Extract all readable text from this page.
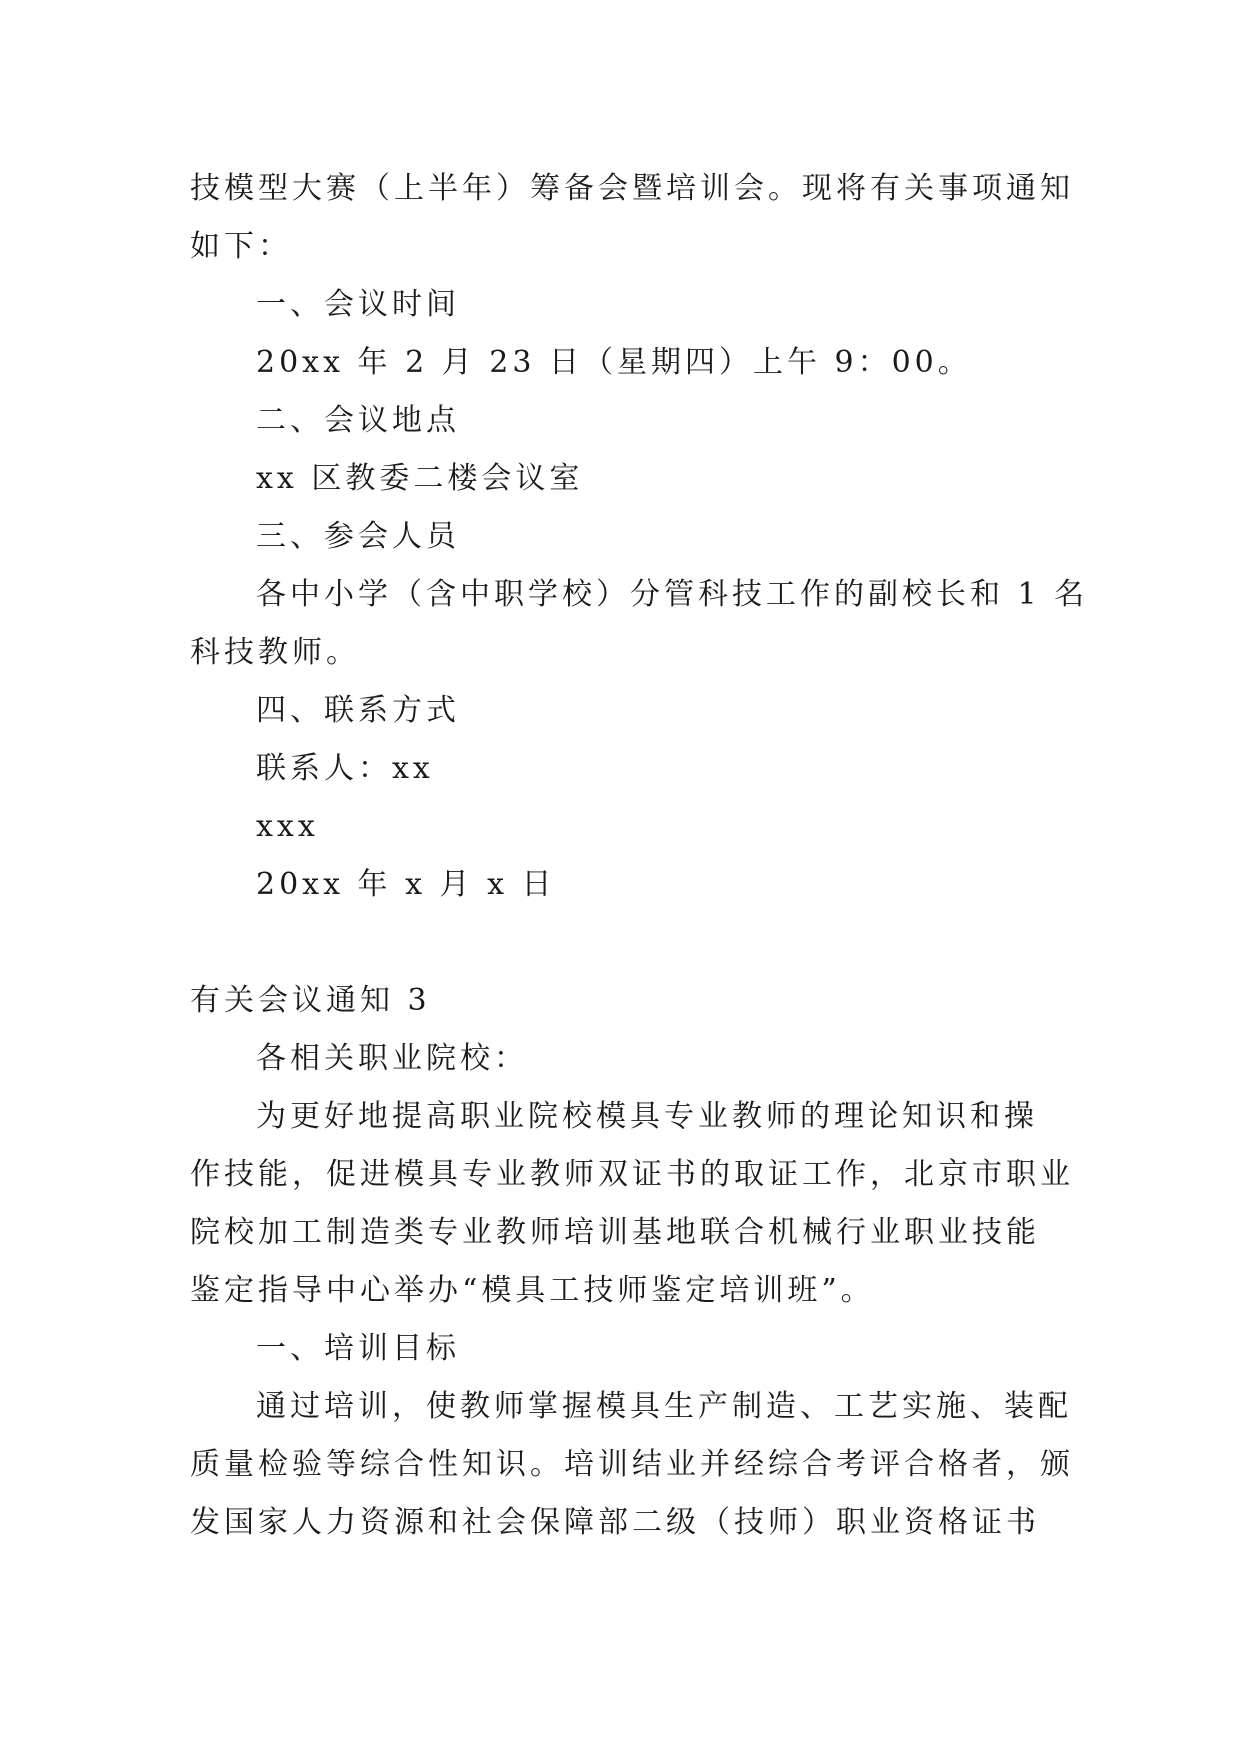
技模型大赛（上半年）筹备会暨培训会。现将有关事项通知

如下：

一、会议时间

20xx 年 2 月 23 日（星期四）上午 9：00。

二、会议地点

xx 区教委二楼会议室

三、参会人员

各中小学（含中职学校）分管科技工作的副校长和 1 名

科技教师。

四、联系方式

联系人：xx

xxx

20xx 年 x 月 x 日

有关会议通知 3

各相关职业院校：

为更好地提高职业院校模具专业教师的理论知识和操

作技能，促进模具专业教师双证书的取证工作，北京市职业

院校加工制造类专业教师培训基地联合机械行业职业技能

鉴定指导中心举办“模具工技师鉴定培训班”。

一、培训目标

通过培训，使教师掌握模具生产制造、工艺实施、装配

质量检验等综合性知识。培训结业并经综合考评合格者，颁

发国家人力资源和社会保障部二级（技师）职业资格证书
